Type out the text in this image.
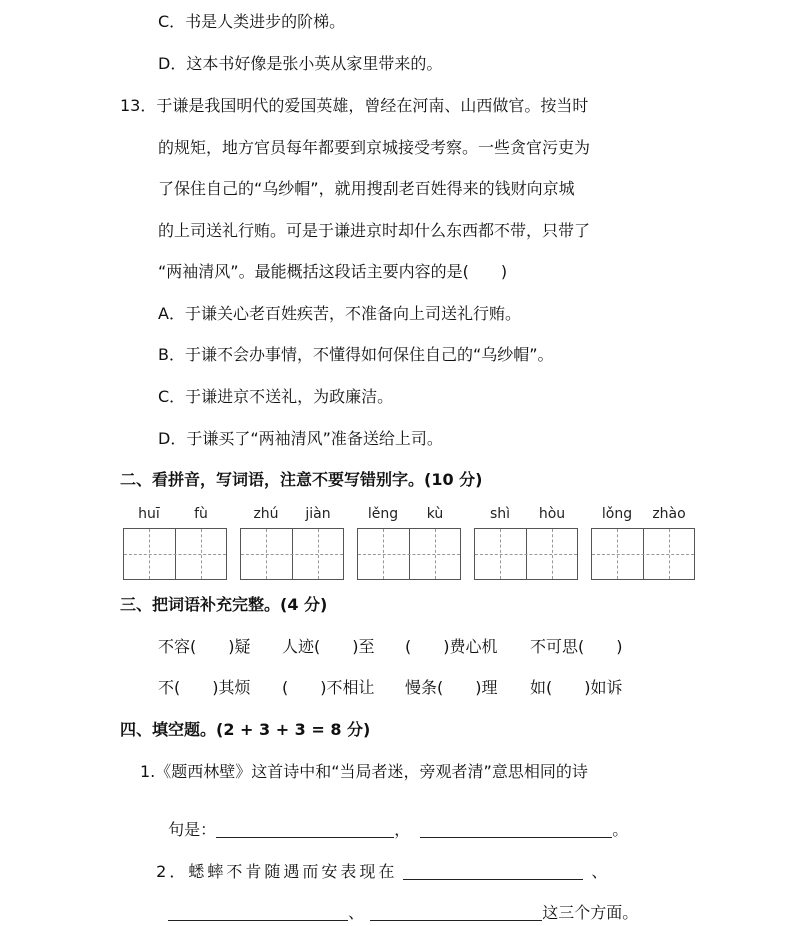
C．书是人类进步的阶梯。
D．这本书好像是张小英从家里带来的。
13．于谦是我国明代的爱国英雄，曾经在河南、山西做官。按当时
的规矩，地方官员每年都要到京城接受考察。一些贪官污吏为
了保住自己的“乌纱帽”，就用搜刮老百姓得来的钱财向京城
的上司送礼行贿。可是于谦进京时却什么东西都不带，只带了
“两袖清风”。最能概括这段话主要内容的是(　　)
A．于谦关心老百姓疾苦，不准备向上司送礼行贿。
B．于谦不会办事情，不懂得如何保住自己的“乌纱帽”。
C．于谦进京不送礼，为政廉洁。
D．于谦买了“两袖清风”准备送给上司。
二、看拼音，写词语，注意不要写错别字。(10 分)
huī	fù	zhú	jiàn	lěng	kù	shì	hòu	lǒng	zhào
三、把词语补充完整。(4 分)
不容(　　)疑 人迹(　　)至 (　　)费心机 不可思(　　)
不(　　)其烦 (　　)不相让 慢条(　　)理 如(　　)如诉
四、填空题。(2 + 3 + 3 = 8 分)
1.《题西林壁》这首诗中和“当局者迷，旁观者清”意思相同的诗

句是：	，	。

2．蟋蟀不肯随遇而安表现在	、

、	这三个方面。
